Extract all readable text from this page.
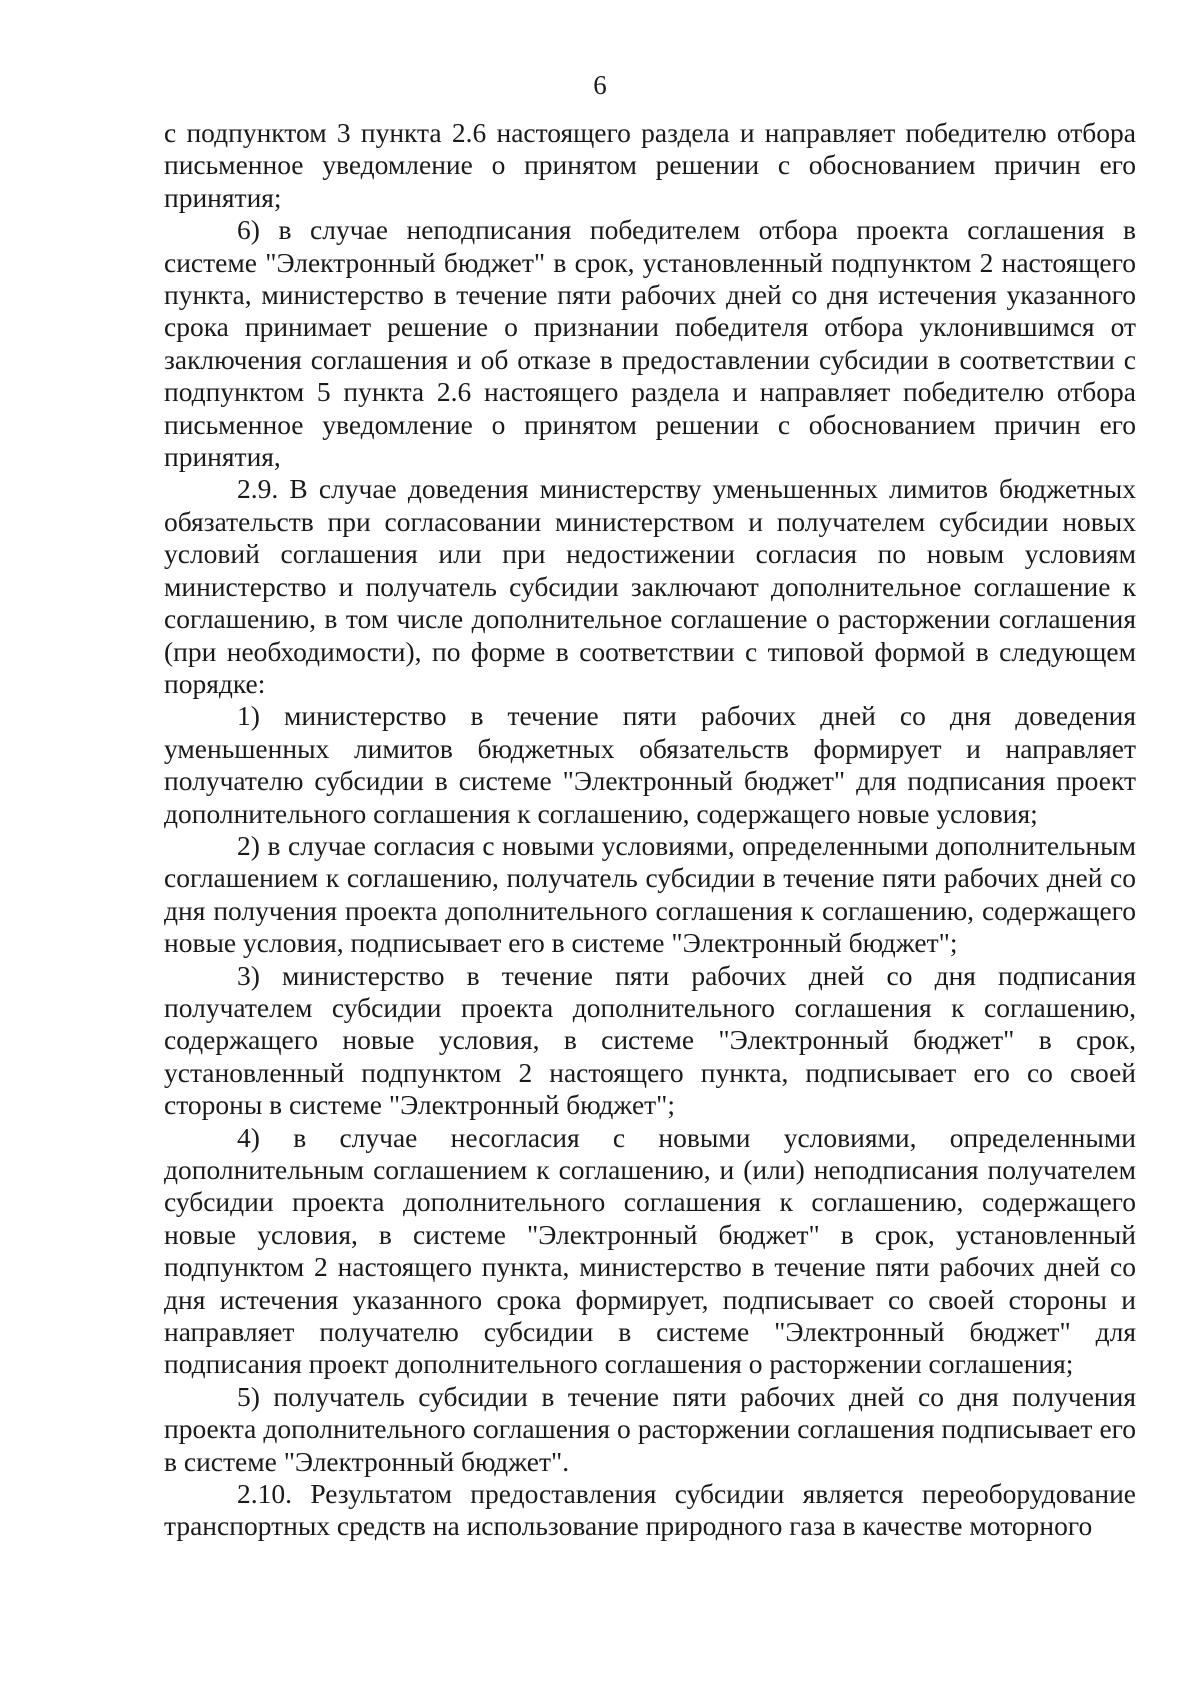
6

с подпунктом 3 пункта 2.6 настоящего раздела и направляет победителю отбора письменное уведомление о принятом решении с обоснованием причин его принятия;

6) в случае неподписания победителем отбора проекта соглашения в системе "Электронный бюджет" в срок, установленный подпунктом 2 настоящего пункта, министерство в течение пяти рабочих дней со дня истечения указанного срока принимает решение о признании победителя отбора уклонившимся от заключения соглашения и об отказе в предоставлении субсидии в соответствии с подпунктом 5 пункта 2.6 настоящего раздела и направляет победителю отбора письменное уведомление о принятом решении с обоснованием причин его принятия,

2.9. В случае доведения министерству уменьшенных лимитов бюджетных обязательств при согласовании министерством и получателем субсидии новых условий соглашения или при недостижении согласия по новым условиям министерство и получатель субсидии заключают дополнительное соглашение к соглашению, в том числе дополнительное соглашение о расторжении соглашения (при необходимости), по форме в соответствии с типовой формой в следующем порядке:

1) министерство в течение пяти рабочих дней со дня доведения уменьшенных лимитов бюджетных обязательств формирует и направляет получателю субсидии в системе "Электронный бюджет" для подписания проект дополнительного соглашения к соглашению, содержащего новые условия;

2) в случае согласия с новыми условиями, определенными дополнительным соглашением к соглашению, получатель субсидии в течение пяти рабочих дней со дня получения проекта дополнительного соглашения к соглашению, содержащего новые условия, подписывает его в системе "Электронный бюджет";

3) министерство в течение пяти рабочих дней со дня подписания получателем субсидии проекта дополнительного соглашения к соглашению, содержащего новые условия, в системе "Электронный бюджет" в срок, установленный подпунктом 2 настоящего пункта, подписывает его со своей стороны в системе "Электронный бюджет";

4) в случае несогласия с новыми условиями, определенными дополнительным соглашением к соглашению, и (или) неподписания получателем субсидии проекта дополнительного соглашения к соглашению, содержащего новые условия, в системе "Электронный бюджет" в срок, установленный подпунктом 2 настоящего пункта, министерство в течение пяти рабочих дней со дня истечения указанного срока формирует, подписывает со своей стороны и направляет получателю субсидии в системе "Электронный бюджет" для подписания проект дополнительного соглашения о расторжении соглашения;

5) получатель субсидии в течение пяти рабочих дней со дня получения проекта дополнительного соглашения о расторжении соглашения подписывает его в системе "Электронный бюджет".

2.10. Результатом предоставления субсидии является переоборудование транспортных средств на использование природного газа в качестве моторного
